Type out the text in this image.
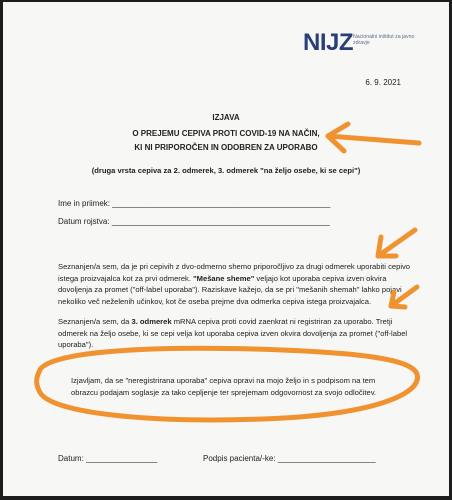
NIJZ Nacionalni inštitut za javno zdravje
6. 9. 2021
IZJAVA
O PREJEMU CEPIVA PROTI COVID-19 NA NAČIN,
KI NI PRIPOROČEN IN ODOBREN ZA UPORABO
(druga vrsta cepiva za 2. odmerek, 3. odmerek "na željo osebe, ki se cepi")
Ime in priimek: _________________________________________________
Datum rojstva: _________________________________________________
Seznanjen/a sem, da je pri cepivih z dvo-odmerno shemo priporočljivo za drugi odmerek uporabiti cepivo istega proizvajalca kot za prvi odmerek. "Mešane sheme" veljajo kot uporaba cepiva izven okvira dovoljenja za promet ("off-label uporaba"). Raziskave kažejo, da se pri "mešanih shemah" lahko pojavi nekoliko več neželenih učinkov, kot če oseba prejme dva odmerka cepiva istega proizvajalca.
Seznanjen/a sem, da 3. odmerek mRNA cepiva proti covid zaenkrat ni registriran za uporabo. Tretji odmerek na željo osebe, ki se cepi velja kot uporaba cepiva izven okvira dovoljenja za promet ("off-label uporaba").
Izjavljam, da se "neregistrirana uporaba" cepiva opravi na mojo željo in s podpisom na tem obrazcu podajam soglasje za tako cepljenje ter sprejemam odgovornost za svojo odločitev.
Datum: ________________	Podpis pacienta/-ke: ______________________
